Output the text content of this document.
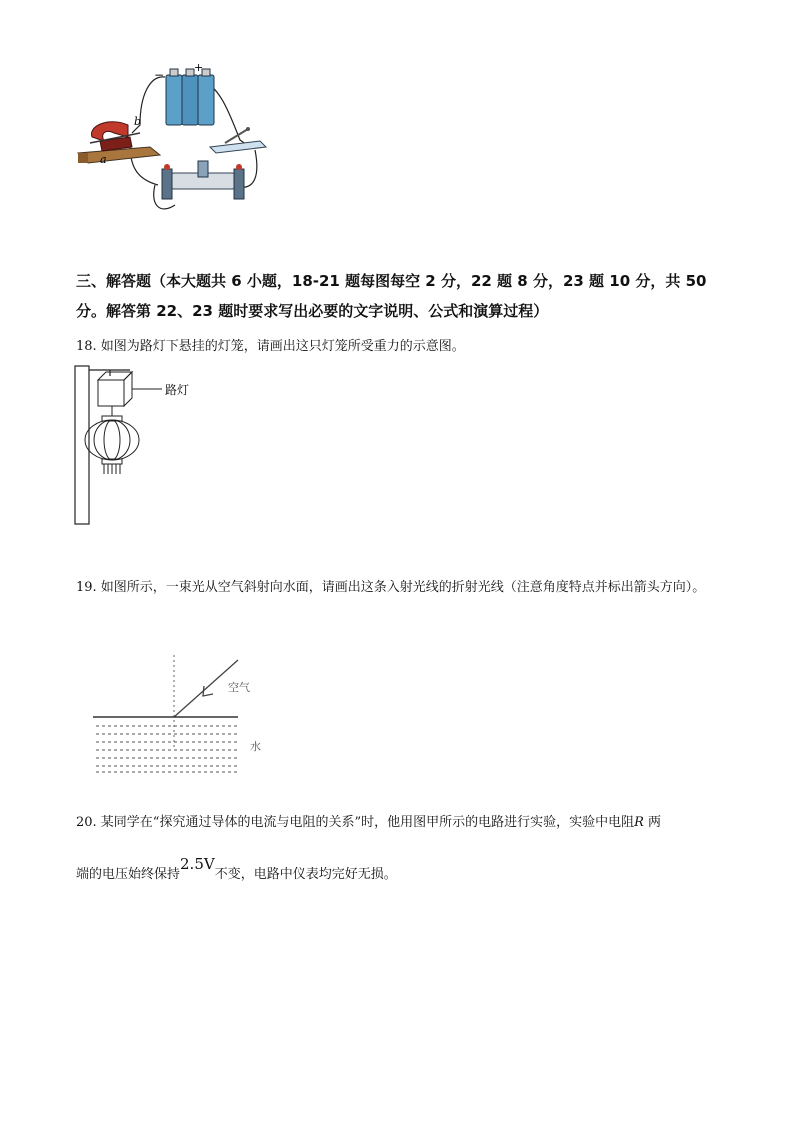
−
+
b
a
三、解答题（本大题共 6 小题，18-21 题每图每空 2 分，22 题 8 分，23 题 10 分，共 50 分。解答第 22、23 题时要求写出必要的文字说明、公式和演算过程）
18. 如图为路灯下悬挂的灯笼，请画出这只灯笼所受重力的示意图。
路灯
19. 如图所示，一束光从空气斜射向水面，请画出这条入射光线的折射光线（注意角度特点并标出箭头方向）。
空气
水
20. 某同学在“探究通过导体的电流与电阻的关系”时，他用图甲所示的电路进行实验，实验中电阻R 两
端的电压始终保持2.5V不变，电路中仪表均完好无损。
